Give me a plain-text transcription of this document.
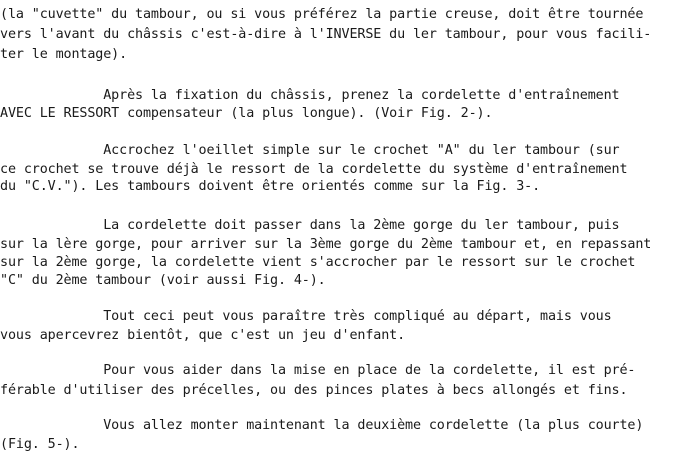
(la "cuvette" du tambour, ou si vous préférez la partie creuse, doit être tournée
vers l'avant du châssis c'est-à-dire à l'INVERSE du ler tambour, pour vous facili-
ter le montage).
Après la fixation du châssis, prenez la cordelette d'entraînement
AVEC LE RESSORT compensateur (la plus longue). (Voir Fig. 2-).
Accrochez l'oeillet simple sur le crochet "A" du ler tambour (sur
ce crochet se trouve déjà le ressort de la cordelette du système d'entraînement
du "C.V."). Les tambours doivent être orientés comme sur la Fig. 3-.
La cordelette doit passer dans la 2ème gorge du ler tambour, puis
sur la lère gorge, pour arriver sur la 3ème gorge du 2ème tambour et, en repassant
sur la 2ème gorge, la cordelette vient s'accrocher par le ressort sur le crochet
"C" du 2ème tambour (voir aussi Fig. 4-).
Tout ceci peut vous paraître très compliqué au départ, mais vous
vous apercevrez bientôt, que c'est un jeu d'enfant.
Pour vous aider dans la mise en place de la cordelette, il est pré-
férable d'utiliser des précelles, ou des pinces plates à becs allongés et fins.
Vous allez monter maintenant la deuxième cordelette (la plus courte)
(Fig. 5-).
